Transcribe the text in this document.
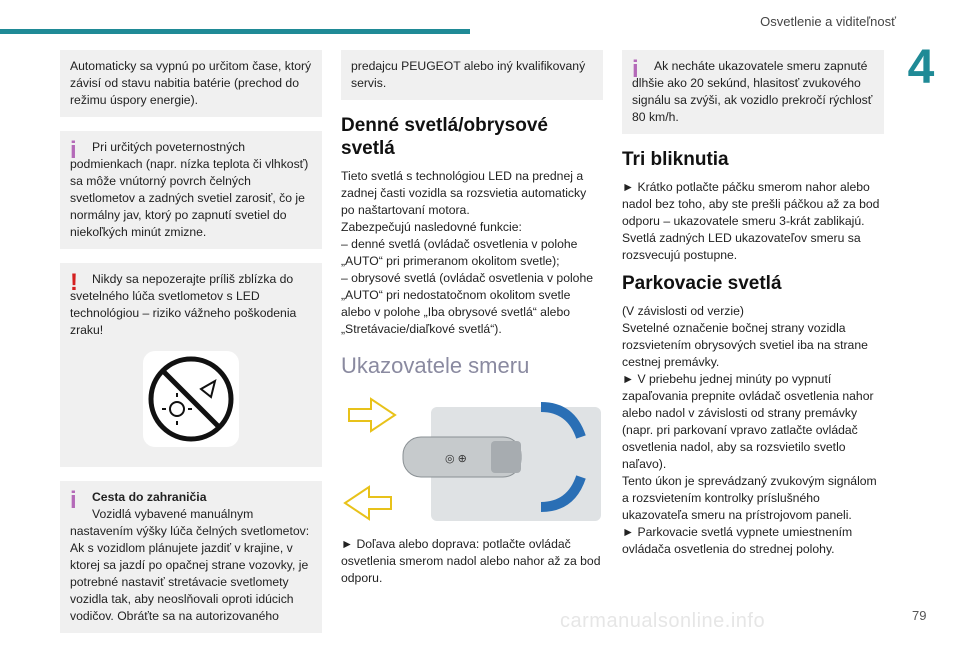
Osvetlenie a viditeľnosť
4

Automaticky sa vypnú po určitom čase, ktorý závisí od stavu nabitia batérie (prechod do režimu úspory energie).

i	Pri určitých poveternostných podmienkach (napr. nízka teplota či vlhkosť) sa môže vnútorný povrch čelných svetlometov a zadných svetiel zarosiť, čo je normálny jav, ktorý po zapnutí svetiel do niekoľkých minút zmizne.

!	Nikdy sa nepozerajte príliš zblízka do svetelného lúča svetlometov s LED technológiou – riziko vážneho poškodenia zraku!

i	Cesta do zahraničia

Vozidlá vybavené manuálnym nastavením výšky lúča čelných svetlometov: Ak s vozidlom plánujete jazdiť v krajine, v ktorej sa jazdí po opačnej strane vozovky, je potrebné nastaviť stretávacie svetlomety vozidla tak, aby neoslňovali oproti idúcich vodičov. Obráťte sa na autorizovaného

predajcu PEUGEOT alebo iný kvalifikovaný servis.

Denné svetlá/obrysové svetlá

Tieto svetlá s technológiou LED na prednej a zadnej časti vozidla sa rozsvietia automaticky po naštartovaní motora.
Zabezpečujú nasledovné funkcie:
– denné svetlá (ovládač osvetlenia v polohe „AUTO“ pri primeranom okolitom svetle);
– obrysové svetlá (ovládač osvetlenia v polohe „AUTO“ pri nedostatočnom okolitom svetle alebo v polohe „Iba obrysové svetlá“ alebo „Stretávacie/diaľkové svetlá“).

Ukazovatele smeru
◎ ⊕

► Doľava alebo doprava: potlačte ovládač osvetlenia smerom nadol alebo nahor až za bod odporu.

i	Ak necháte ukazovatele smeru zapnuté dlhšie ako 20 sekúnd, hlasitosť zvukového signálu sa zvýši, ak vozidlo prekročí rýchlosť 80 km/h.

Tri bliknutia

► Krátko potlačte páčku smerom nahor alebo nadol bez toho, aby ste prešli páčkou až za bod odporu – ukazovatele smeru 3-krát zablikajú.
Svetlá zadných LED ukazovateľov smeru sa rozsvecujú postupne.

Parkovacie svetlá

(V závislosti od verzie)
Svetelné označenie bočnej strany vozidla rozsvietením obrysových svetiel iba na strane cestnej premávky.
► V priebehu jednej minúty po vypnutí zapaľovania prepnite ovládač osvetlenia nahor alebo nadol v závislosti od strany premávky (napr. pri parkovaní vpravo zatlačte ovládač osvetlenia nadol, aby sa rozsvietilo svetlo naľavo).
Tento úkon je sprevádzaný zvukovým signálom a rozsvietením kontrolky príslušného ukazovateľa smeru na prístrojovom paneli.
► Parkovacie svetlá vypnete umiestnením ovládača osvetlenia do strednej polohy.

carmanualsonline.info	79
